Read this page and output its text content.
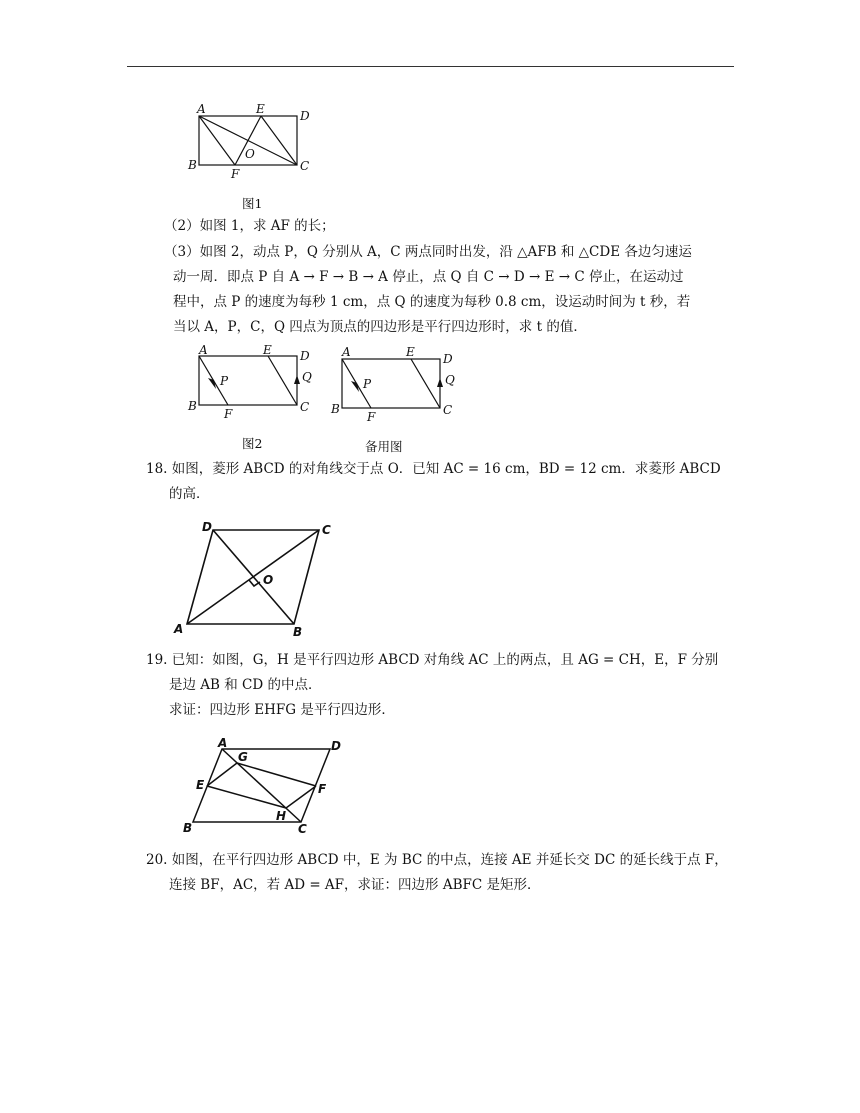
A	E	D
B
O
F
C
图1
（2）如图 1，求 AF 的长；
（3）如图 2，动点 P，Q 分别从 A，C 两点同时出发，沿 △AFB 和 △CDE 各边匀速运
动一周．即点 P 自 A → F → B → A 停止，点 Q 自 C → D → E → C 停止，在运动过
程中，点 P 的速度为每秒 1 cm，点 Q 的速度为每秒 0.8 cm，设运动时间为 t 秒，若
当以 A，P，C，Q 四点为顶点的四边形是平行四边形时，求 t 的值．
A	E D
P	Q
B
F	C
图2
A	E D
P	Q
B
F	C
备用图
18. 如图，菱形 ABCD 的对角线交于点 O．已知 AC = 16 cm，BD = 12 cm．求菱形 ABCD
的高．
D	C
O
A	B
19. 已知：如图，G，H 是平行四边形 ABCD 对角线 AC 上的两点，且 AG = CH，E，F 分别
是边 AB 和 CD 的中点．
求证：四边形 EHFG 是平行四边形．
A
G
D
E	F
B
H
C
20. 如图，在平行四边形 ABCD 中，E 为 BC 的中点，连接 AE 并延长交 DC 的延长线于点 F，
连接 BF，AC，若 AD = AF，求证：四边形 ABFC 是矩形．
